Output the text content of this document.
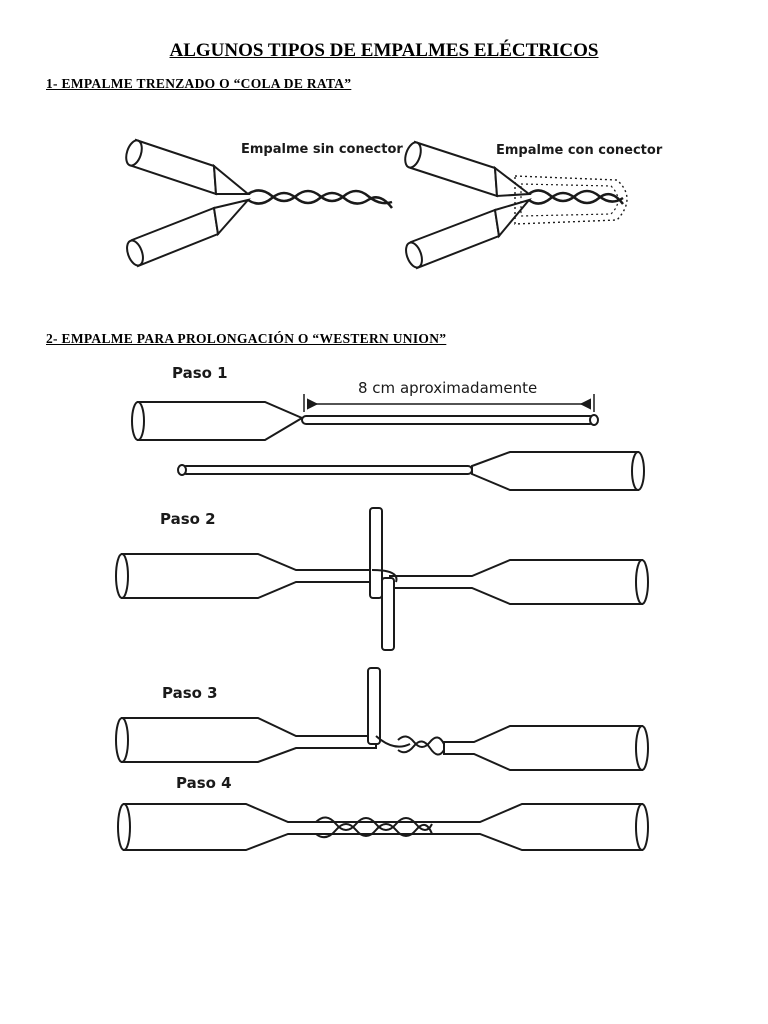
ALGUNOS TIPOS DE EMPALMES ELÉCTRICOS
1- EMPALME TRENZADO O “COLA DE RATA”
Empalme sin conector	Empalme con conector
2- EMPALME PARA PROLONGACIÓN O “WESTERN UNION”
Paso 1
8 cm aproximadamente
Paso 2
Paso 3
Paso 4
